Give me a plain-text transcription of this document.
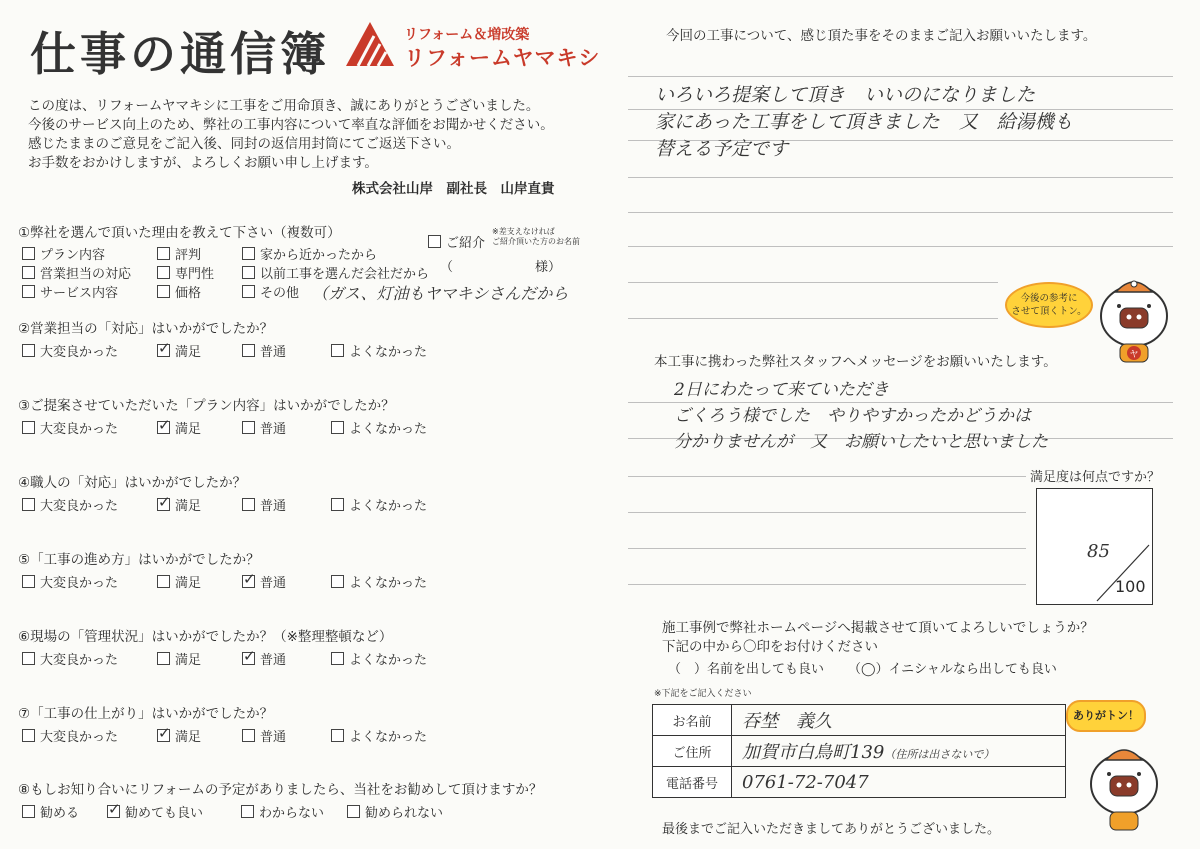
仕事の通信簿	リフォーム＆増改築
リフォームヤマキシ
この度は、リフォームヤマキシに工事をご用命頂き、誠にありがとうございました。
今後のサービス向上のため、弊社の工事内容について率直な評価をお聞かせください。
感じたままのご意見をご記入後、同封の返信用封筒にてご返送下さい。
お手数をおかけしますが、よろしくお願い申し上げます。
株式会社山岸　副社長　山岸直貴
①弊社を選んで頂いた理由を教えて下さい（複数可）
プラン内容	評判	家から近かったから
営業担当の対応	専門性	以前工事を選んだ会社だから
サービス内容	価格	その他 （ガス、灯油もヤマキシさんだから
ご紹介
※差支えなければ
ご紹介頂いた方のお名前
（	様）
②営業担当の「対応」はいかがでしたか？
大変良かった ✓	満足	普通	よくなかった
③ご提案させていただいた「プラン内容」はいかがでしたか？
大変良かった ✓	満足	普通	よくなかった
④職人の「対応」はいかがでしたか？
大変良かった ✓	満足	普通	よくなかった
⑤「工事の進め方」はいかがでしたか？
大変良かった	満足 ✓	普通	よくなかった
⑥現場の「管理状況」はいかがでしたか？（※整理整頓など）
大変良かった	満足 ✓	普通	よくなかった
⑦「工事の仕上がり」はいかがでしたか？
大変良かった ✓	満足	普通	よくなかった
⑧もしお知り合いにリフォームの予定がありましたら、当社をお勧めして頂けますか？
勧める ✓	勧めても良い	わからない	勧められない
今回の工事について、感じ頂た事をそのままご記入お願いいたします。
いろいろ提案して頂き　いいのになりました
家にあった工事をして頂きました　又　給湯機も
替える予定です
今後の参考に
させて頂くトン。
ヤ
本工事に携わった弊社スタッフへメッセージをお願いいたします。
2日にわたって来ていただき
ごくろう様でした　やりやすかったかどうかは
分かりませんが　又　お願いしたいと思いました
満足度は何点ですか？
85
100
施工事例で弊社ホームページへ掲載させて頂いてよろしいでしょうか？
下記の中から〇印をお付けください
（　）名前を出しても良い （◯）イニシャルなら出しても良い
※下記をご記入ください
お名前	吞埜　義久
ご住所	加賀市白鳥町139（住所は出さないで）
電話番号	0761-72-7047
ありがトン！
最後までご記入いただきましてありがとうございました。
